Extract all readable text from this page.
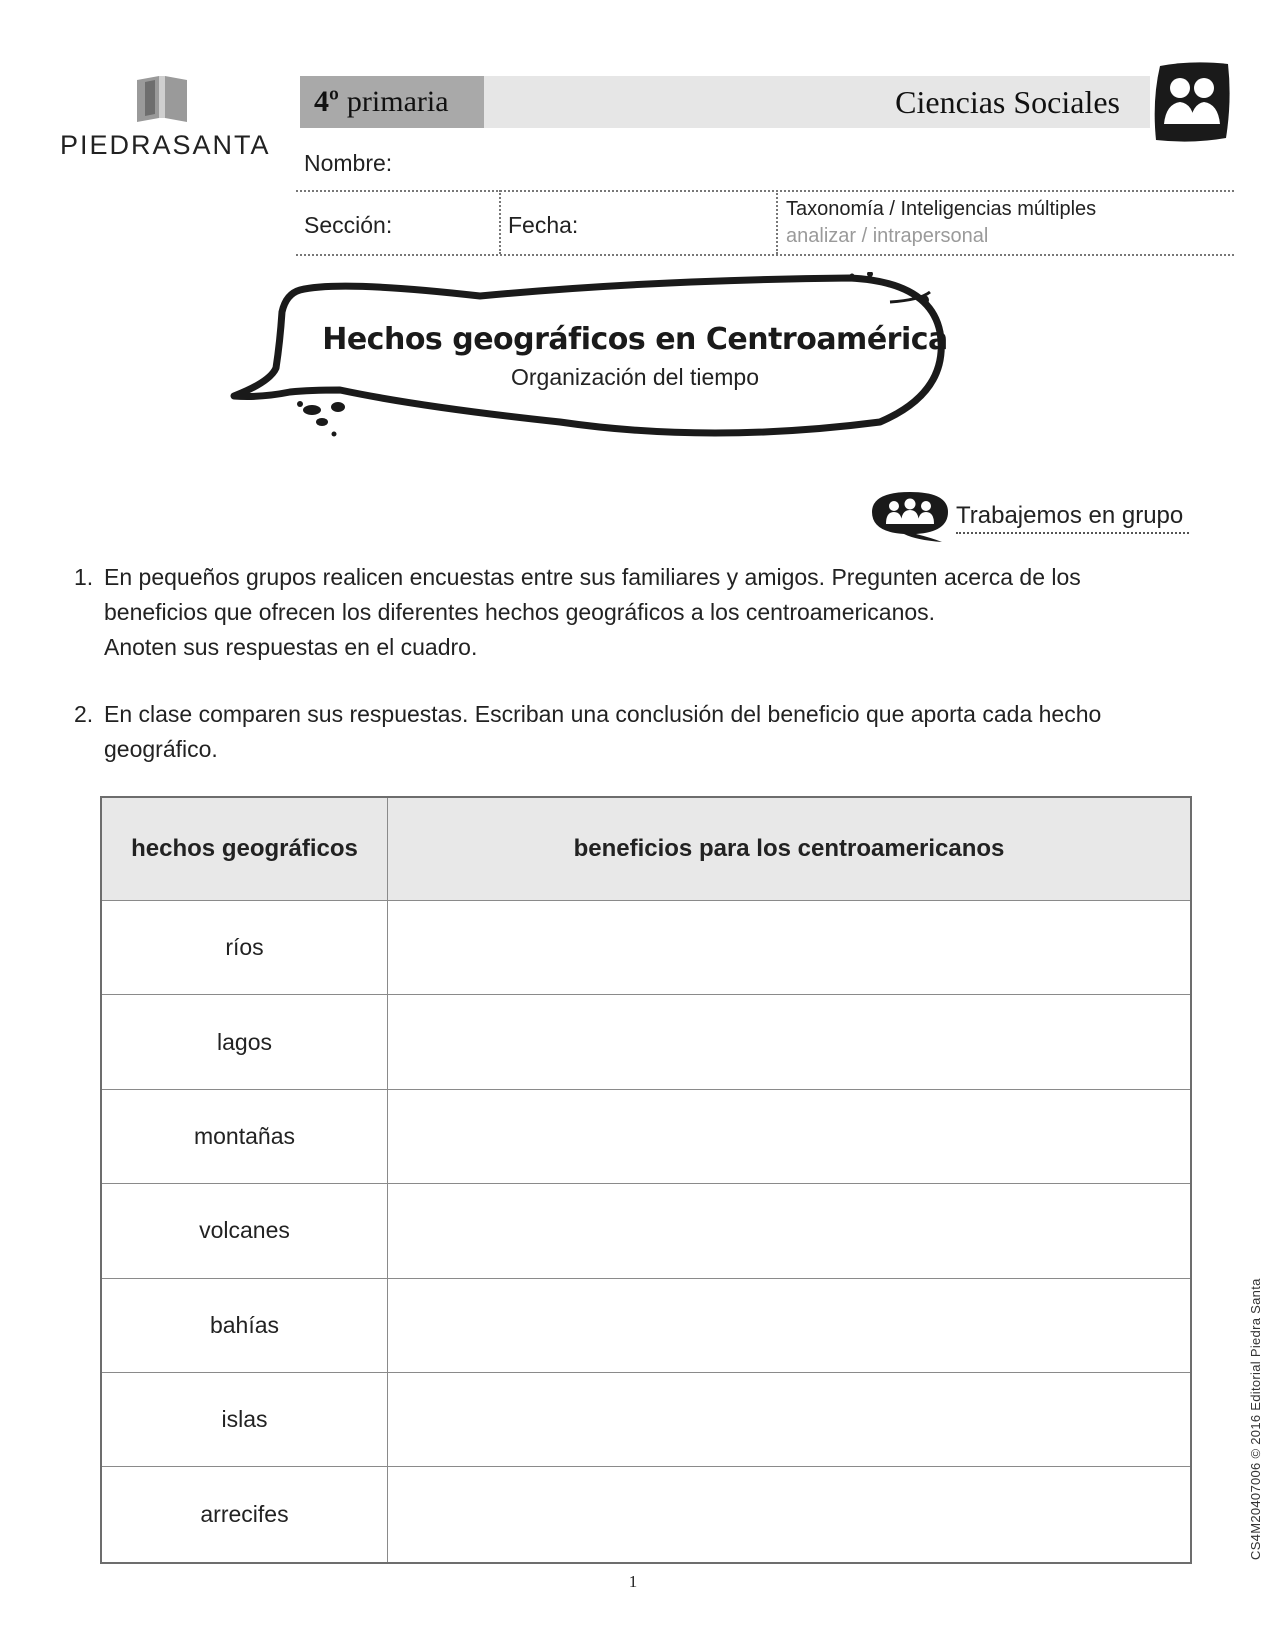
PIEDRASANTA
4º primaria	Ciencias Sociales
Nombre:
Sección:	Fecha:
Taxonomía / Inteligencias múltiples
analizar / intrapersonal
Hechos geográficos en Centroamérica
Organización del tiempo
Trabajemos en grupo
1. En pequeños grupos realicen encuestas entre sus familiares y amigos. Pregunten acerca de los
beneficios que ofrecen los diferentes hechos geográficos a los centroamericanos.
Anoten sus respuestas en el cuadro.
2. En clase comparen sus respuestas. Escriban una conclusión del beneficio que aporta cada hecho
geográfico.
hechos geográficos	beneficios para los centroamericanos
ríos	
lagos	
montañas	
volcanes	
bahías	
islas	
arrecifes	
1
CS4M20407006 © 2016 Editorial Piedra Santa
